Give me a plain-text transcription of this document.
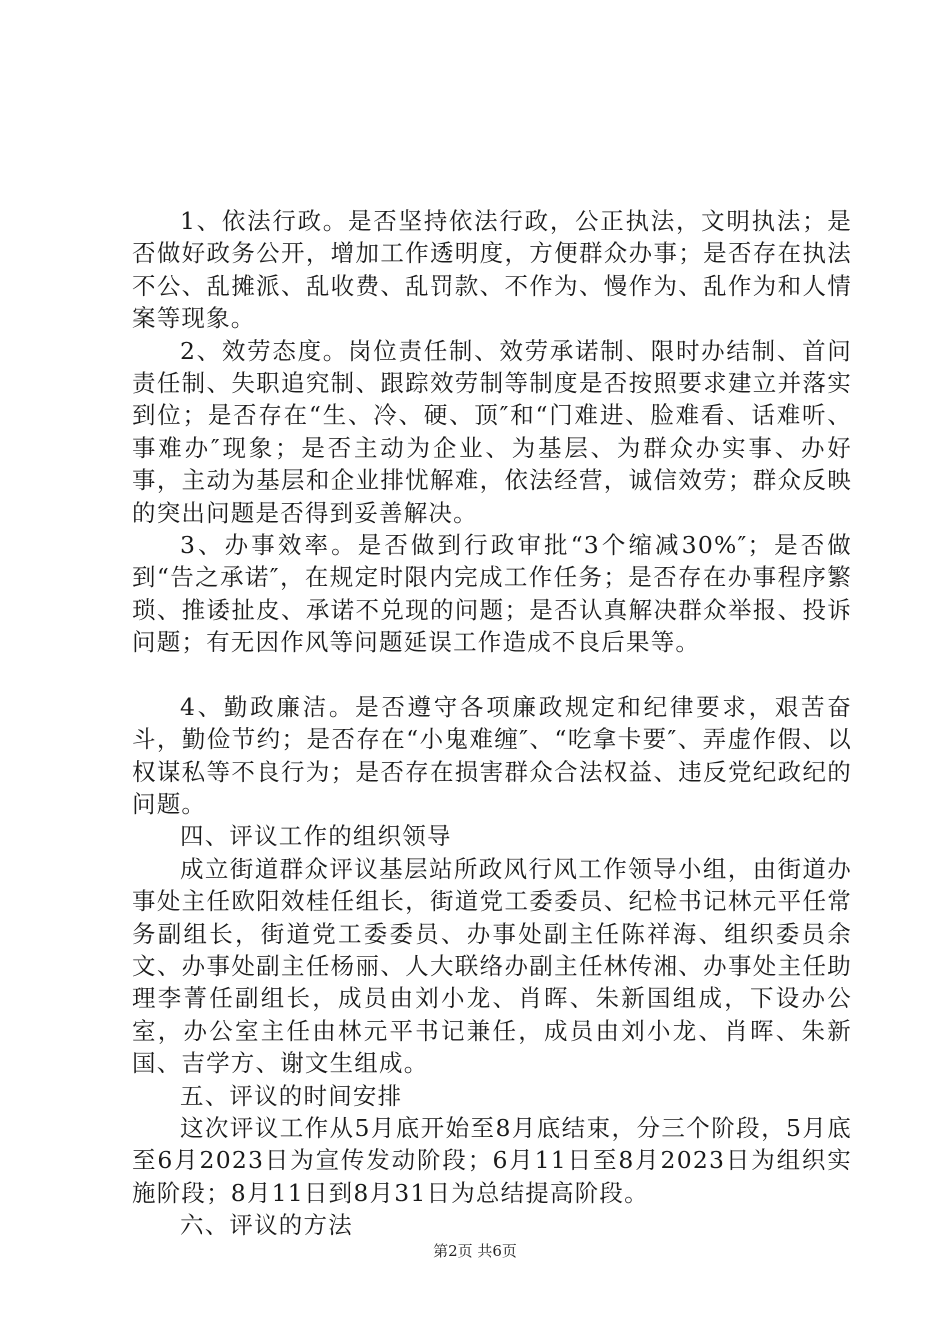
1、依法行政。是否坚持依法行政，公正执法，文明执法；是否做好政务公开，增加工作透明度，方便群众办事；是否存在执法不公、乱摊派、乱收费、乱罚款、不作为、慢作为、乱作为和人情案等现象。

2、效劳态度。岗位责任制、效劳承诺制、限时办结制、首问责任制、失职追究制、跟踪效劳制等制度是否按照要求建立并落实到位；是否存在“生、冷、硬、顶″和“门难进、脸难看、话难听、事难办″现象；是否主动为企业、为基层、为群众办实事、办好事，主动为基层和企业排忧解难，依法经营，诚信效劳；群众反映的突出问题是否得到妥善解决。

3、办事效率。是否做到行政审批“3个缩减30%″；是否做到“告之承诺″，在规定时限内完成工作任务；是否存在办事程序繁琐、推诿扯皮、承诺不兑现的问题；是否认真解决群众举报、投诉问题；有无因作风等问题延误工作造成不良后果等。

4、勤政廉洁。是否遵守各项廉政规定和纪律要求，艰苦奋斗，勤俭节约；是否存在“小鬼难缠″、“吃拿卡要″、弄虚作假、以权谋私等不良行为；是否存在损害群众合法权益、违反党纪政纪的问题。

四、评议工作的组织领导

成立街道群众评议基层站所政风行风工作领导小组，由街道办事处主任欧阳效桂任组长，街道党工委委员、纪检书记林元平任常务副组长，街道党工委委员、办事处副主任陈祥海、组织委员余文、办事处副主任杨丽、人大联络办副主任林传湘、办事处主任助理李菁任副组长，成员由刘小龙、肖晖、朱新国组成，下设办公室，办公室主任由林元平书记兼任，成员由刘小龙、肖晖、朱新国、吉学方、谢文生组成。

五、评议的时间安排

这次评议工作从5月底开始至8月底结束，分三个阶段，5月底至6月2023日为宣传发动阶段；6月11日至8月2023日为组织实施阶段；8月11日到8月31日为总结提高阶段。

六、评议的方法

第2页 共6页
